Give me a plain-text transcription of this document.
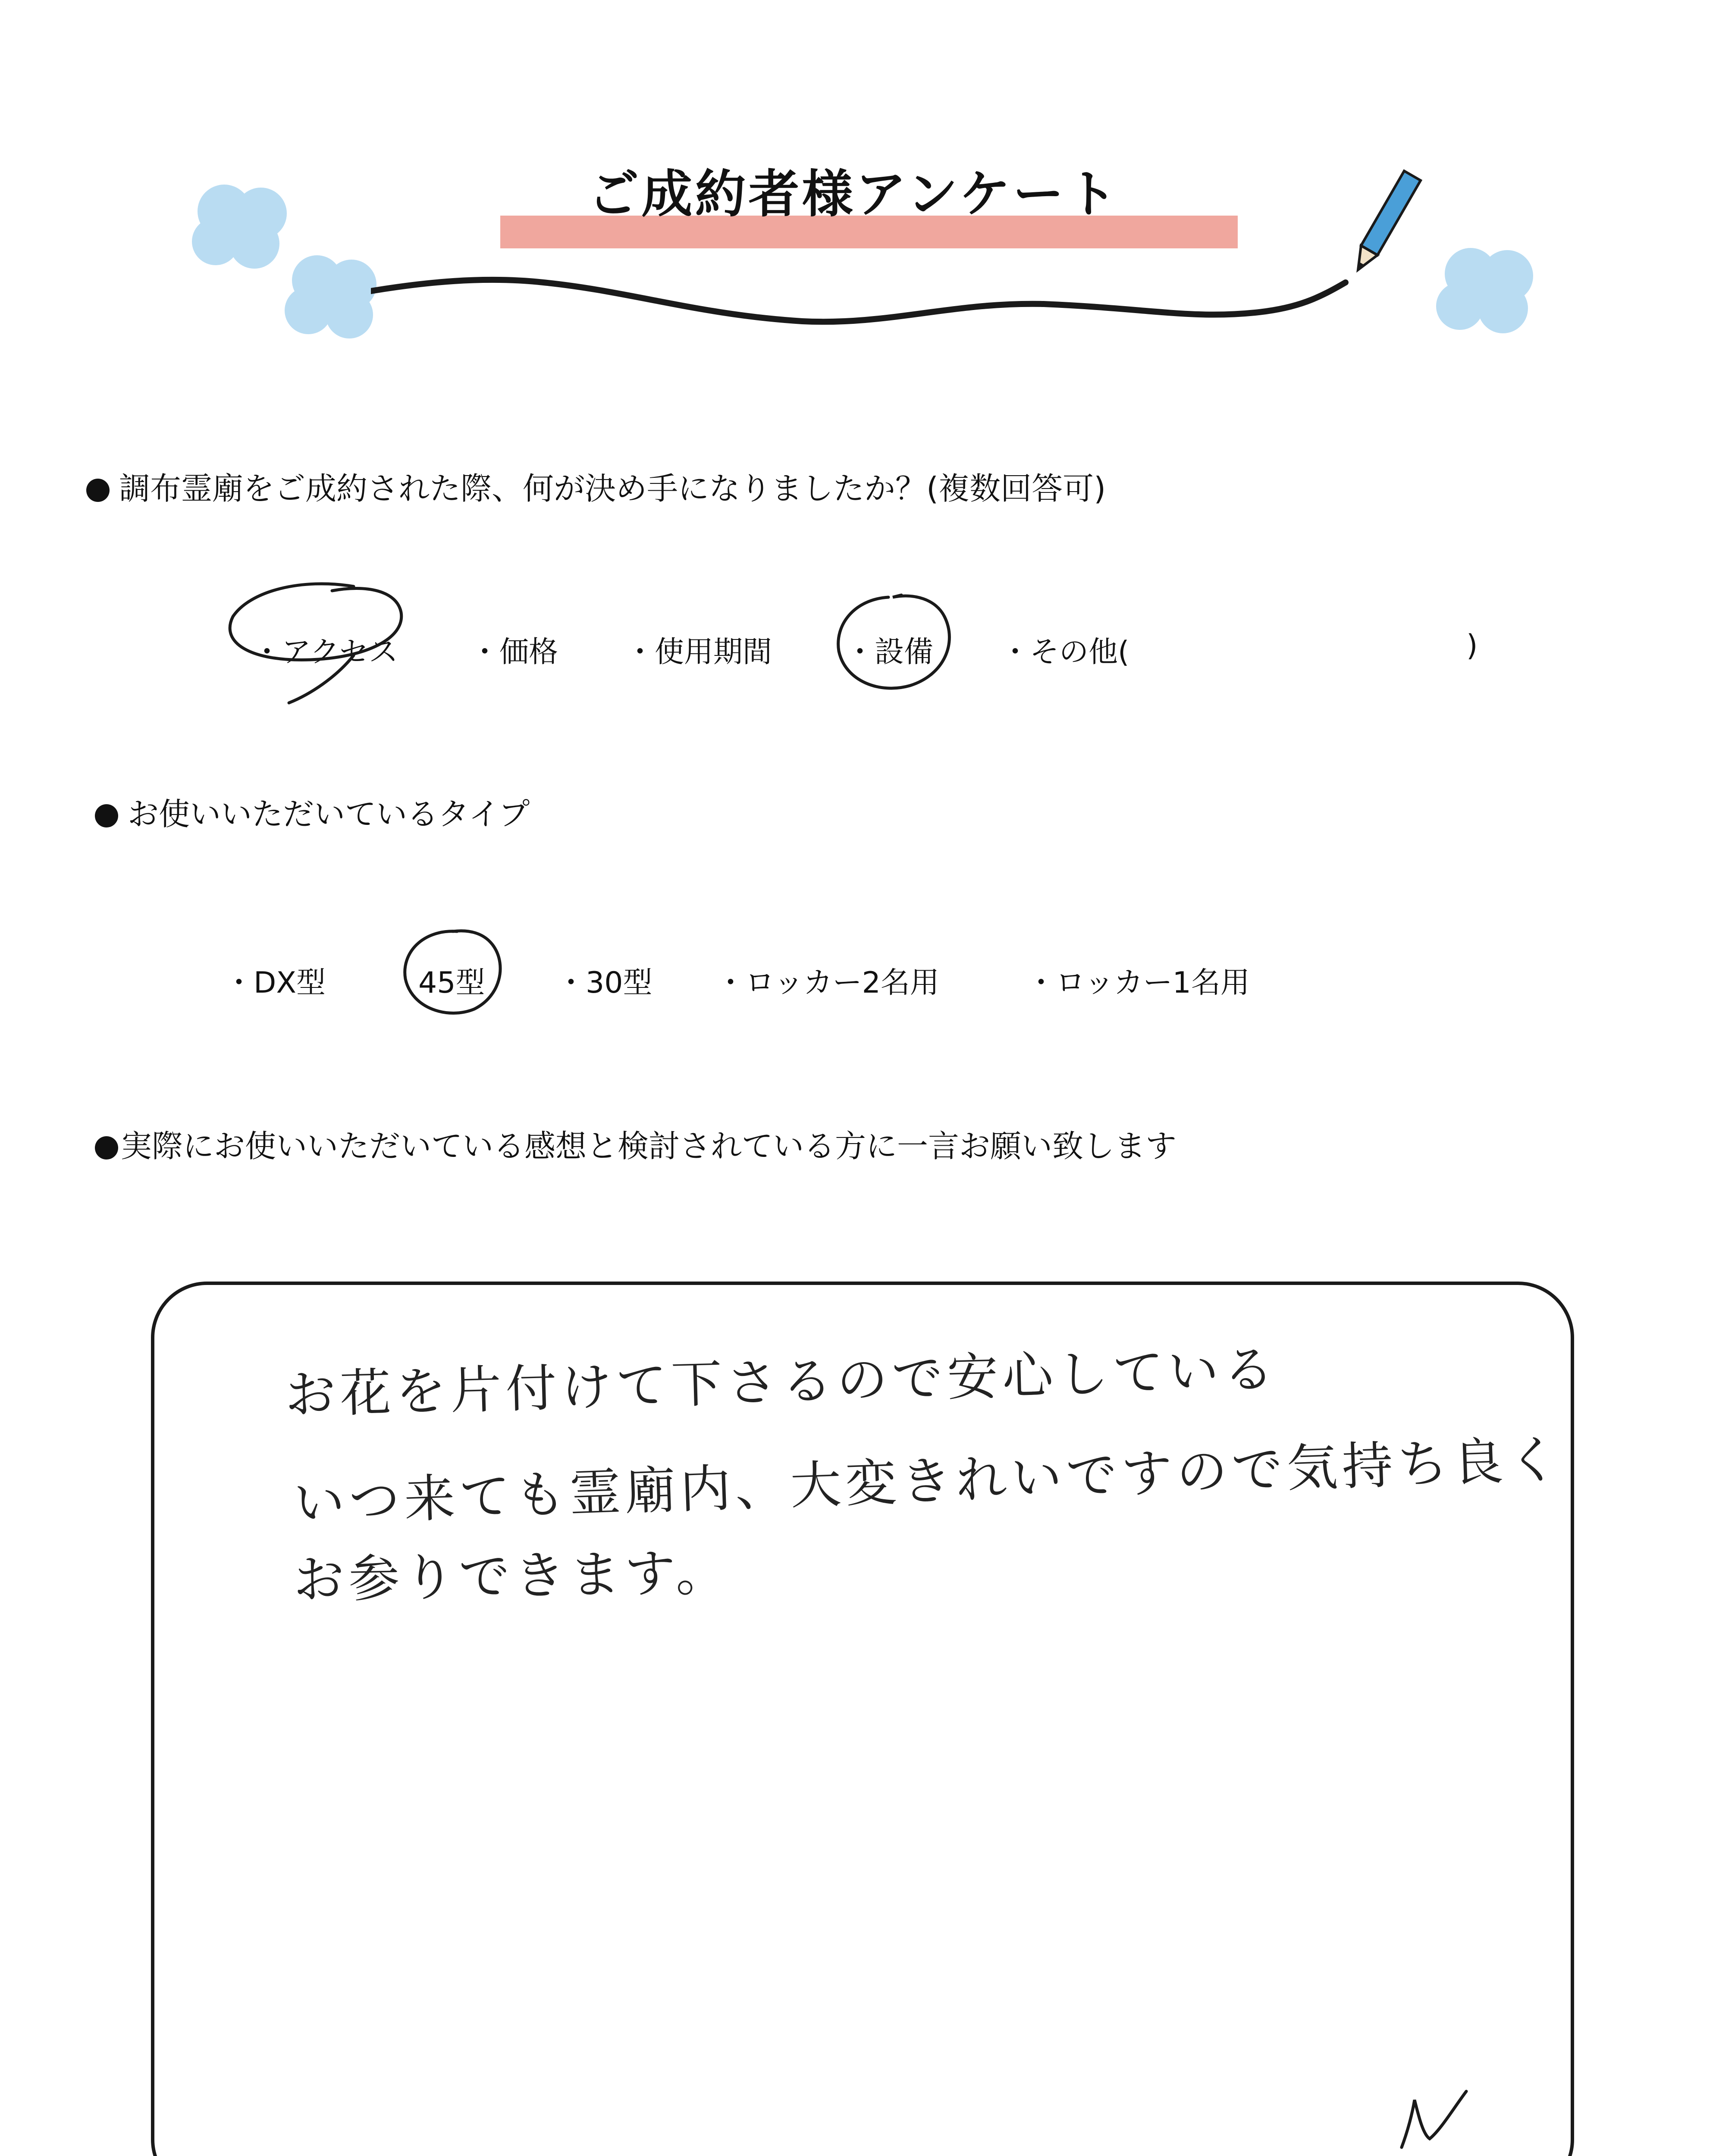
ご成約者様アンケート
調布霊廟をご成約された際、何が決め手になりましたか？(複数回答可)
・アクセス ・価格 ・使用期間 ・設備 ・その他(	)
お使いいただいているタイプ
・DX型	45型 ・30型 ・ロッカー2名用	・ロッカー1名用
実際にお使いいただいている感想と検討されている方に一言お願い致します
お花を片付けて下さるので安心している
いつ来ても霊廟内、大変きれいですので気持ち良く
お参りできます。
